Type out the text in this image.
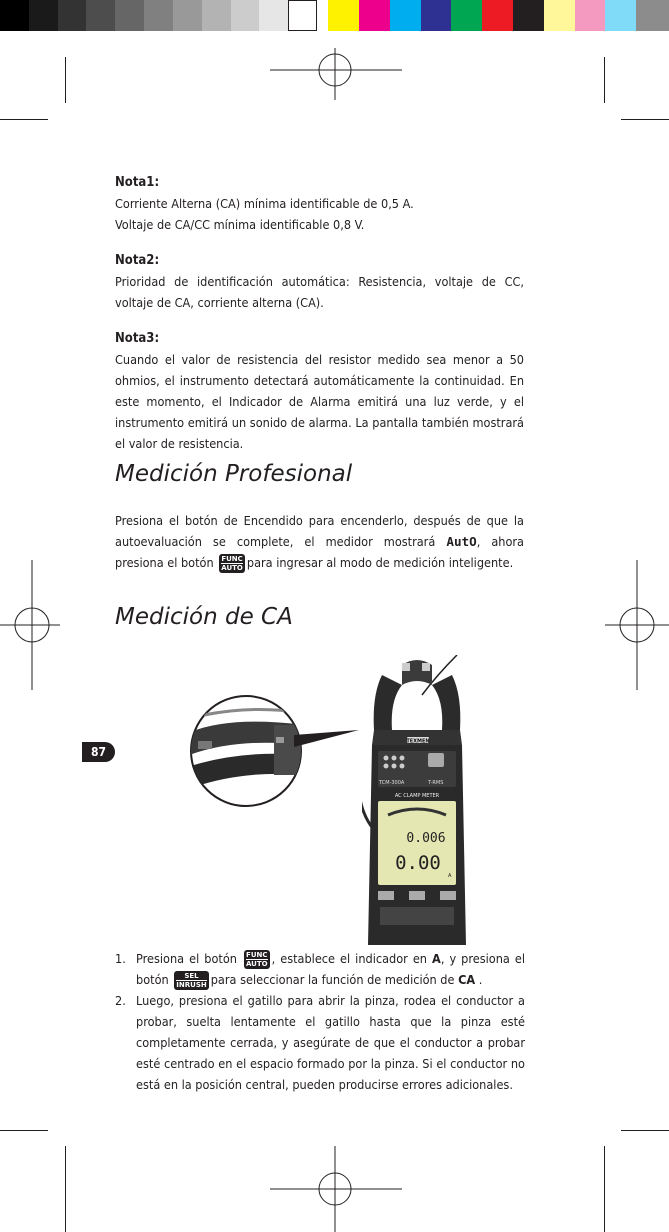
Nota1:

Corriente Alterna (CA) mínima identificable de 0,5 A.

Voltaje de CA/CC mínima identificable 0,8 V.

Nota2:

Prioridad de identificación automática: Resistencia, voltaje de CC, voltaje de CA, corriente alterna (CA).

Nota3:

Cuando el valor de resistencia del resistor medido sea menor a 50 ohmios, el instrumento detectará automáticamente la continuidad. En este momento, el Indicador de Alarma emitirá una luz verde, y el instrumento emitirá un sonido de alarma. La pantalla también mostrará el valor de resistencia.

Medición Profesional

Presiona el botón de Encendido para encenderlo, después de que la autoevaluación se complete, el medidor mostrará AutO, ahora presiona el botón FUNC
AUTO para ingresar al modo de medición inteligente.

Medición de CA
87
TEXMEN
TCM-300A	T-RMS
AC CLAMP METER
0.006
0.00
A
1. Presiona el botón FUNC
AUTO , establece el indicador en A, y presiona el botón SEL
INRUSH para seleccionar la función de medición de CA .
2. Luego, presiona el gatillo para abrir la pinza, rodea el conductor a probar, suelta lentamente el gatillo hasta que la pinza esté completamente cerrada, y asegúrate de que el conductor a probar esté centrado en el espacio formado por la pinza. Si el conductor no está en la posición central, pueden producirse errores adicionales.
